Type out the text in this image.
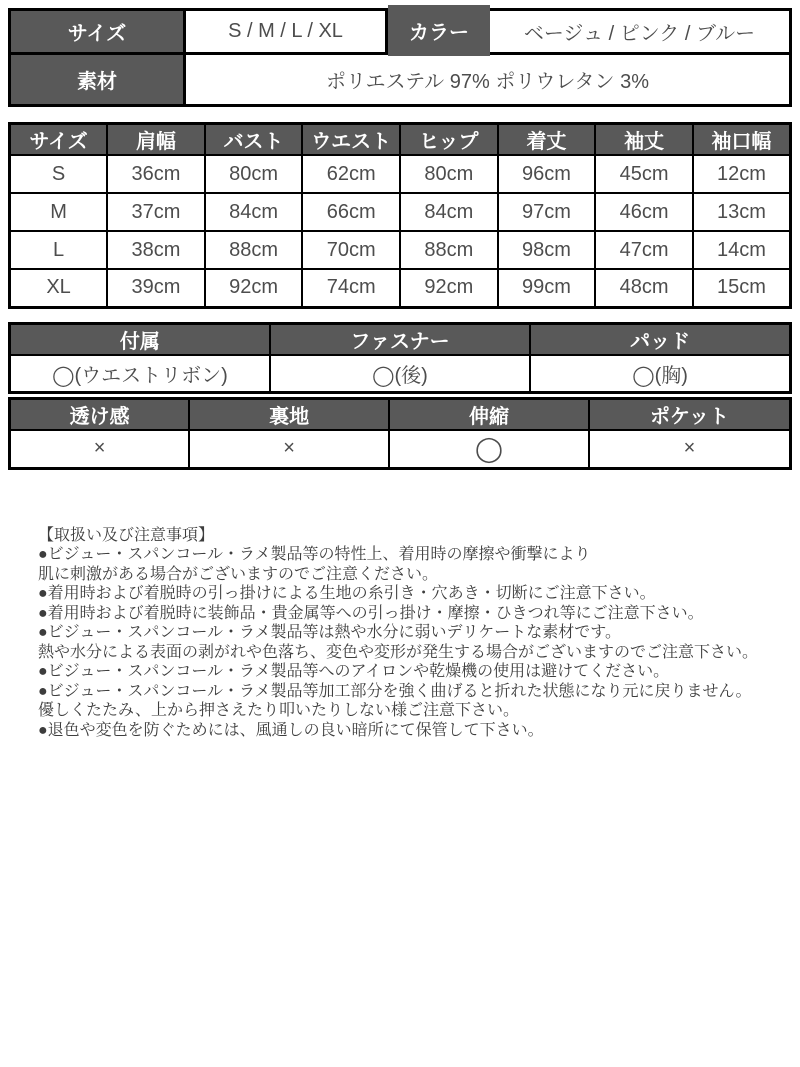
サイズ	S / M / L / XL	カラー	ベージュ / ピンク / ブルー
素材	ポリエステル 97% ポリウレタン 3%
サイズ	肩幅	バスト	ウエスト	ヒップ	着丈	袖丈	袖口幅
S	36cm	80cm	62cm	80cm	96cm	45cm	12cm
M	37cm	84cm	66cm	84cm	97cm	46cm	13cm
L	38cm	88cm	70cm	88cm	98cm	47cm	14cm
XL	39cm	92cm	74cm	92cm	99cm	48cm	15cm
付属	ファスナー	パッド
◯(ウエストリボン)	◯(後)	◯(胸)
透け感	裏地	伸縮	ポケット
×	×	◯	×
【取扱い及び注意事項】
●ビジュー・スパンコール・ラメ製品等の特性上、着用時の摩擦や衝撃により
肌に刺激がある場合がございますのでご注意ください。
●着用時および着脱時の引っ掛けによる生地の糸引き・穴あき・切断にご注意下さい。
●着用時および着脱時に装飾品・貴金属等への引っ掛け・摩擦・ひきつれ等にご注意下さい。
●ビジュー・スパンコール・ラメ製品等は熱や水分に弱いデリケートな素材です。
熱や水分による表面の剥がれや色落ち、変色や変形が発生する場合がございますのでご注意下さい。
●ビジュー・スパンコール・ラメ製品等へのアイロンや乾燥機の使用は避けてください。
●ビジュー・スパンコール・ラメ製品等加工部分を強く曲げると折れた状態になり元に戻りません。
優しくたたみ、上から押さえたり叩いたりしない様ご注意下さい。
●退色や変色を防ぐためには、風通しの良い暗所にて保管して下さい。
